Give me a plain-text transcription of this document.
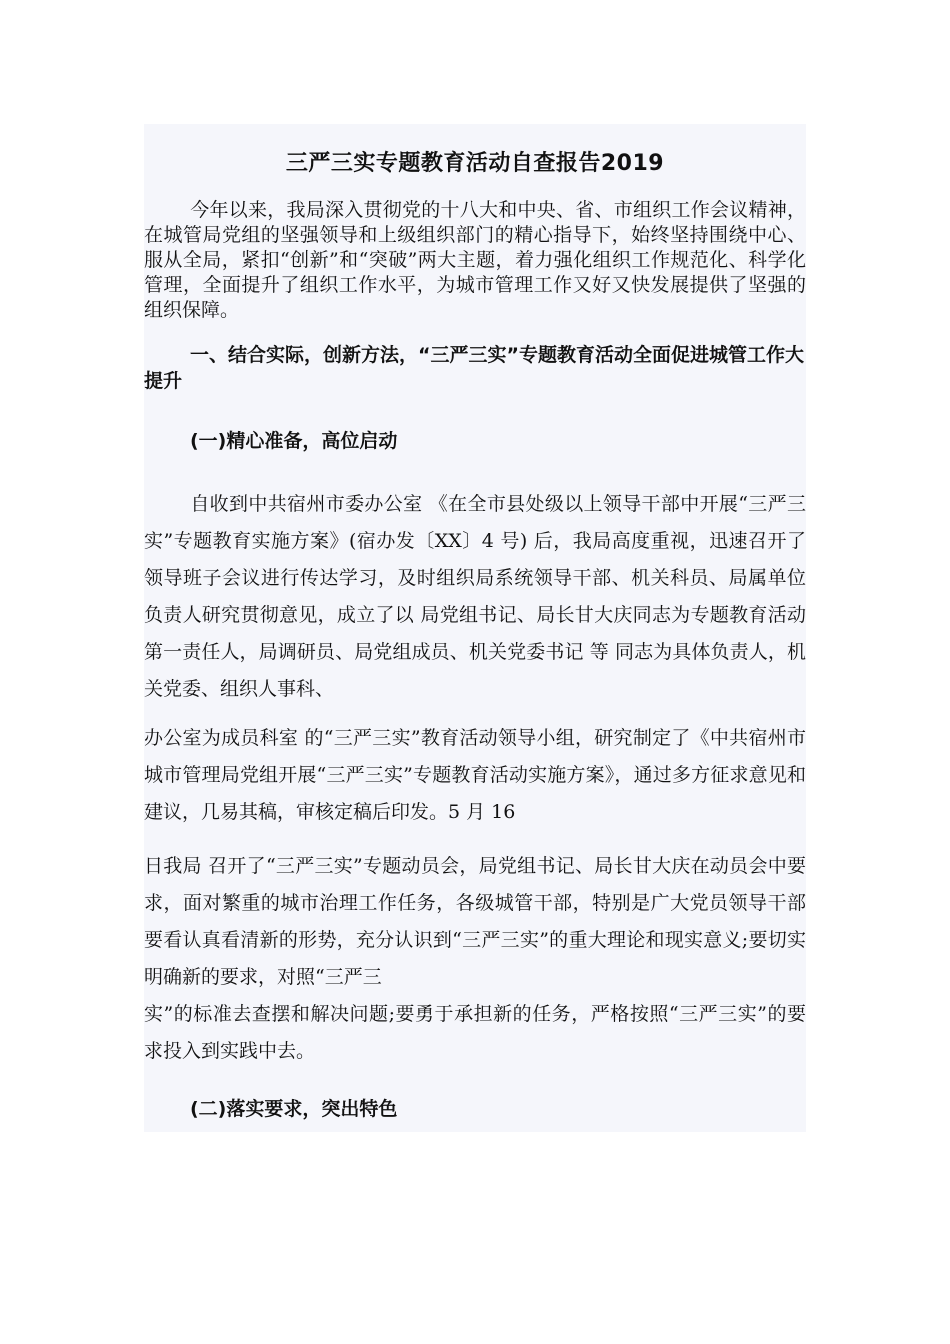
三严三实专题教育活动自查报告2019

今年以来，我局深入贯彻党的十八大和中央、省、市组织工作会议精神，在城管局党组的坚强领导和上级组织部门的精心指导下，始终坚持围绕中心、服从全局，紧扣“创新”和“突破”两大主题，着力强化组织工作规范化、科学化管理，全面提升了组织工作水平，为城市管理工作又好又快发展提供了坚强的组织保障。

一、结合实际，创新方法，“三严三实”专题教育活动全面促进城管工作大提升

(一)精心准备，高位启动

自收到中共宿州市委办公室 《在全市县处级以上领导干部中开展“三严三实”专题教育实施方案》(宿办发〔XX〕4 号) 后，我局高度重视，迅速召开了领导班子会议进行传达学习，及时组织局系统领导干部、机关科员、局属单位负责人研究贯彻意见，成立了以 局党组书记、局长甘大庆同志为专题教育活动第一责任人，局调研员、局党组成员、机关党委书记 等 同志为具体负责人，机关党委、组织人事科、

办公室为成员科室 的“三严三实”教育活动领导小组，研究制定了《中共宿州市城市管理局党组开展“三严三实”专题教育活动实施方案》，通过多方征求意见和建议，几易其稿，审核定稿后印发。5 月 16

日我局 召开了“三严三实”专题动员会，局党组书记、局长甘大庆在动员会中要求，面对繁重的城市治理工作任务，各级城管干部，特别是广大党员领导干部要看认真看清新的形势，充分认识到“三严三实”的重大理论和现实意义;要切实明确新的要求，对照“三严三

实”的标准去查摆和解决问题;要勇于承担新的任务，严格按照“三严三实”的要求投入到实践中去。

(二)落实要求，突出特色
